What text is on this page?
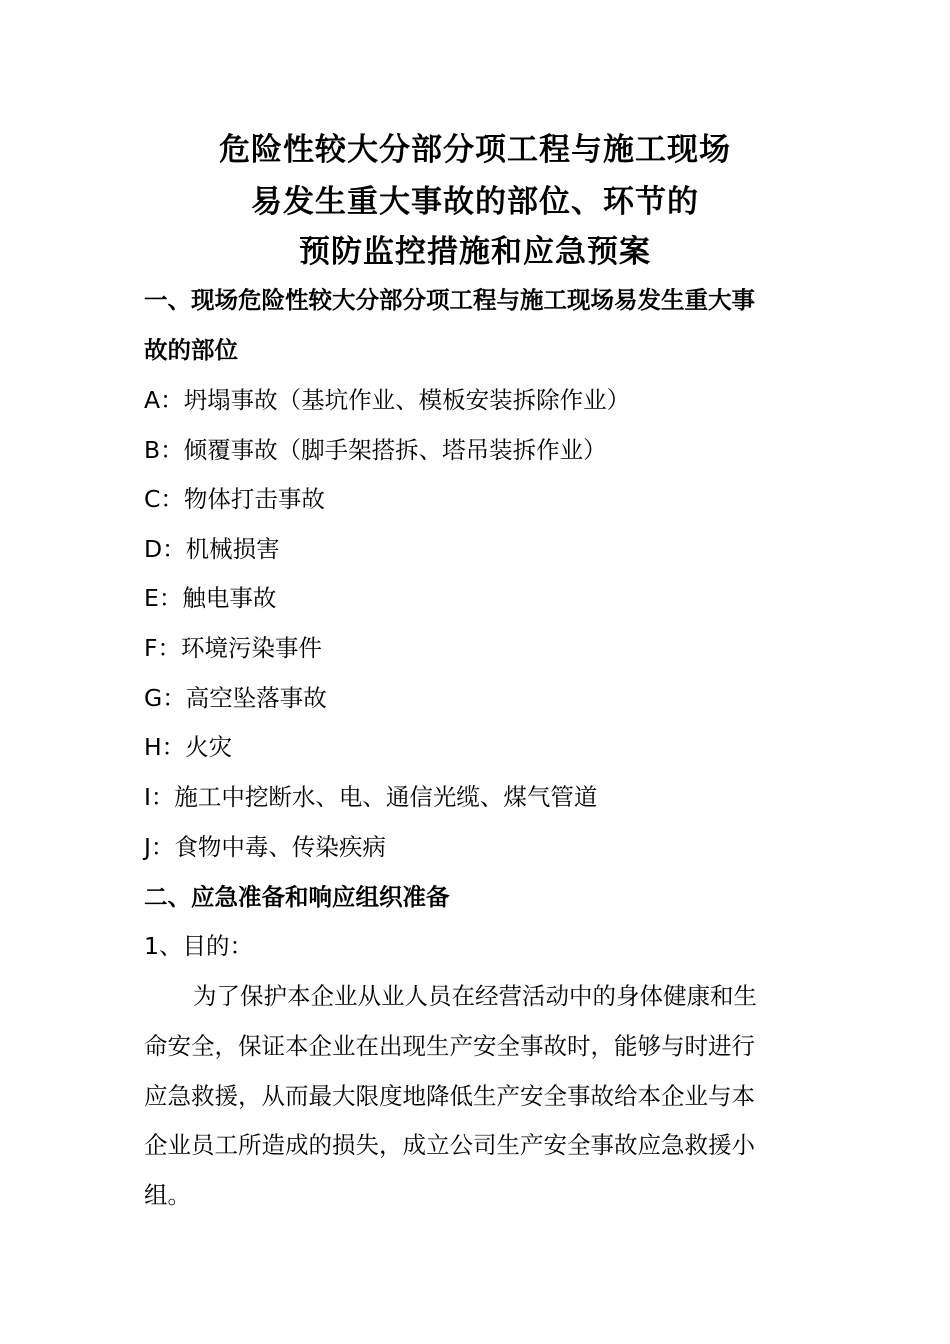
危险性较大分部分项工程与施工现场
易发生重大事故的部位、环节的
预防监控措施和应急预案
一、现场危险性较大分部分项工程与施工现场易发生重大事
故的部位
A：坍塌事故（基坑作业、模板安装拆除作业）
B：倾覆事故（脚手架搭拆、塔吊装拆作业）
C：物体打击事故
D：机械损害
E：触电事故
F：环境污染事件
G：高空坠落事故
H：火灾
I：施工中挖断水、电、通信光缆、煤气管道
J：食物中毒、传染疾病
二、应急准备和响应组织准备
1、目的：
为了保护本企业从业人员在经营活动中的身体健康和生
命安全，保证本企业在出现生产安全事故时，能够与时进行
应急救援，从而最大限度地降低生产安全事故给本企业与本
企业员工所造成的损失，成立公司生产安全事故应急救援小
组。
